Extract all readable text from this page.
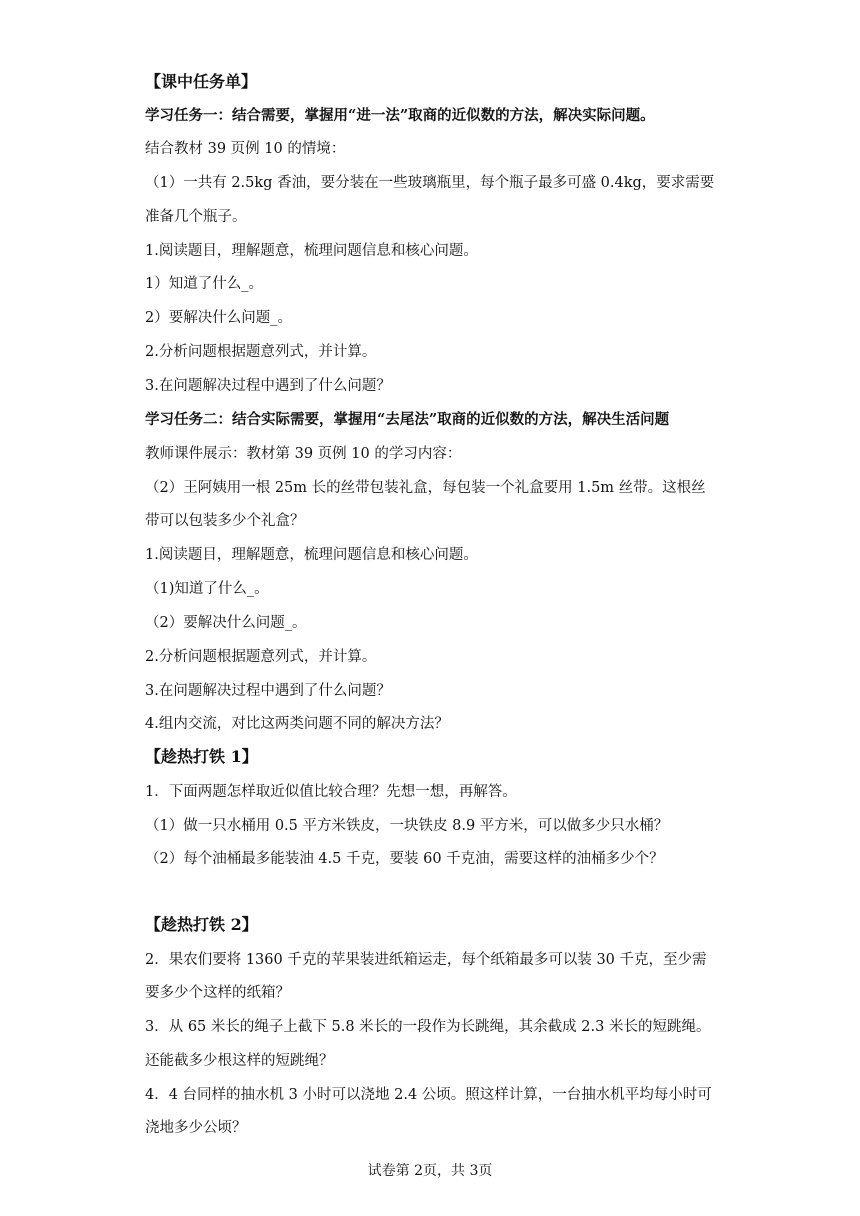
【课中任务单】
学习任务一：结合需要，掌握用“进一法”取商的近似数的方法，解决实际问题。
结合教材 39 页例 10 的情境：
（1）一共有 2.5kg 香油，要分装在一些玻璃瓶里，每个瓶子最多可盛 0.4kg，要求需要
准备几个瓶子。
1.阅读题目，理解题意，梳理问题信息和核心问题。
1）知道了什么_。
2）要解决什么问题_。
2.分析问题根据题意列式，并计算。
3.在问题解决过程中遇到了什么问题？
学习任务二：结合实际需要，掌握用“去尾法”取商的近似数的方法，解决生活问题
教师课件展示：教材第 39 页例 10 的学习内容：
（2）王阿姨用一根 25m 长的丝带包装礼盒，每包装一个礼盒要用 1.5m 丝带。这根丝
带可以包装多少个礼盒？
1.阅读题目，理解题意，梳理问题信息和核心问题。
（1)知道了什么_。
（2）要解决什么问题_。
2.分析问题根据题意列式，并计算。
3.在问题解决过程中遇到了什么问题？
4.组内交流，对比这两类问题不同的解决方法？
【趁热打铁 1】
1．下面两题怎样取近似值比较合理？先想一想，再解答。
（1）做一只水桶用 0.5 平方米铁皮，一块铁皮 8.9 平方米，可以做多少只水桶？
（2）每个油桶最多能装油 4.5 千克，要装 60 千克油，需要这样的油桶多少个？
【趁热打铁 2】
2．果农们要将 1360 千克的苹果装进纸箱运走，每个纸箱最多可以装 30 千克，至少需
要多少个这样的纸箱？
3．从 65 米长的绳子上截下 5.8 米长的一段作为长跳绳，其余截成 2.3 米长的短跳绳。
还能截多少根这样的短跳绳？
4．4 台同样的抽水机 3 小时可以浇地 2.4 公顷。照这样计算，一台抽水机平均每小时可
浇地多少公顷？
试卷第 2页，共 3页
